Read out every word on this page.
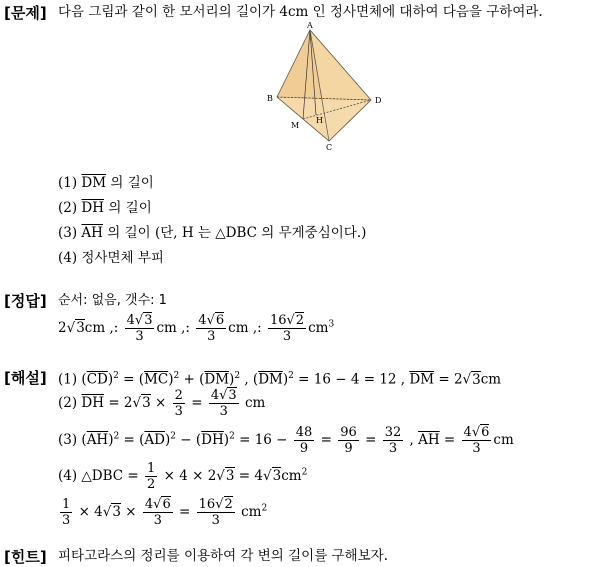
[문제] 다음 그림과 같이 한 모서리의 길이가 4cm 인 정사면체에 대하여 다음을 구하여라.
A
B
C
D
M
H
(1) $\overline{DM}$ 의 길이
(2) $\overline{DH}$ 의 길이
(3) $\overline{AH}$ 의 길이 (단, H 는 △DBC 의 무게중심이다.)
(4) 정사면체 부피
[정답] 순서: 없음, 갯수: 1
2√3cm ,: $\frac{4√3}{3}$ cm ,: $\frac{4√6}{3}$ cm ,: $\frac{16√2}{3} cm^3$
[해설] (1) $(\overline{CD})^2 = (\overline{MC})^2 + (\overline{DM})^2$ , $(\overline{DM})^2 = 16 - 4 = 12$ , $\overline{DM} = 2√3cm$
(2) $\overline{DH} = 2√3 \times \frac{2}{3} = \frac{4√3}{3}$ cm
(3) $(\overline{AH})^2 = (\overline{AD})^2 - (\overline{DH})^2 = 16 - \frac{48}{9} = \frac{96}{9} = \frac{32}{3}$ , $\overline{AH} = \frac{4√6}{3}$ cm
(4) △DBC = $\frac{1}{2} \times 4 \times 2√3 = 4√3cm^2$
$\frac{1}{3} \times 4√3 \times \frac{4√6}{3} = \frac{16√2}{3} cm^2$
[힌트] 피타고라스의 정리를 이용하여 각 변의 길이를 구해보자.
